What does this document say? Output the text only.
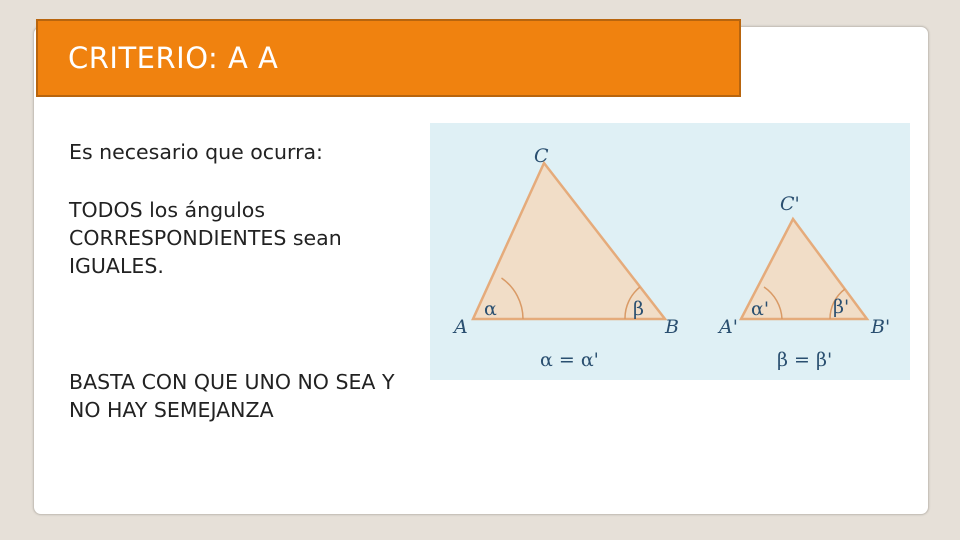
CRITERIO: A A
Es necesario que ocurra:
TODOS los ángulos CORRESPONDIENTES sean IGUALES.
BASTA CON QUE UNO NO SEA Y NO HAY SEMEJANZA
C
A	B
α	β
C'
A'	B'
α'	β'
α = α'	β = β'
